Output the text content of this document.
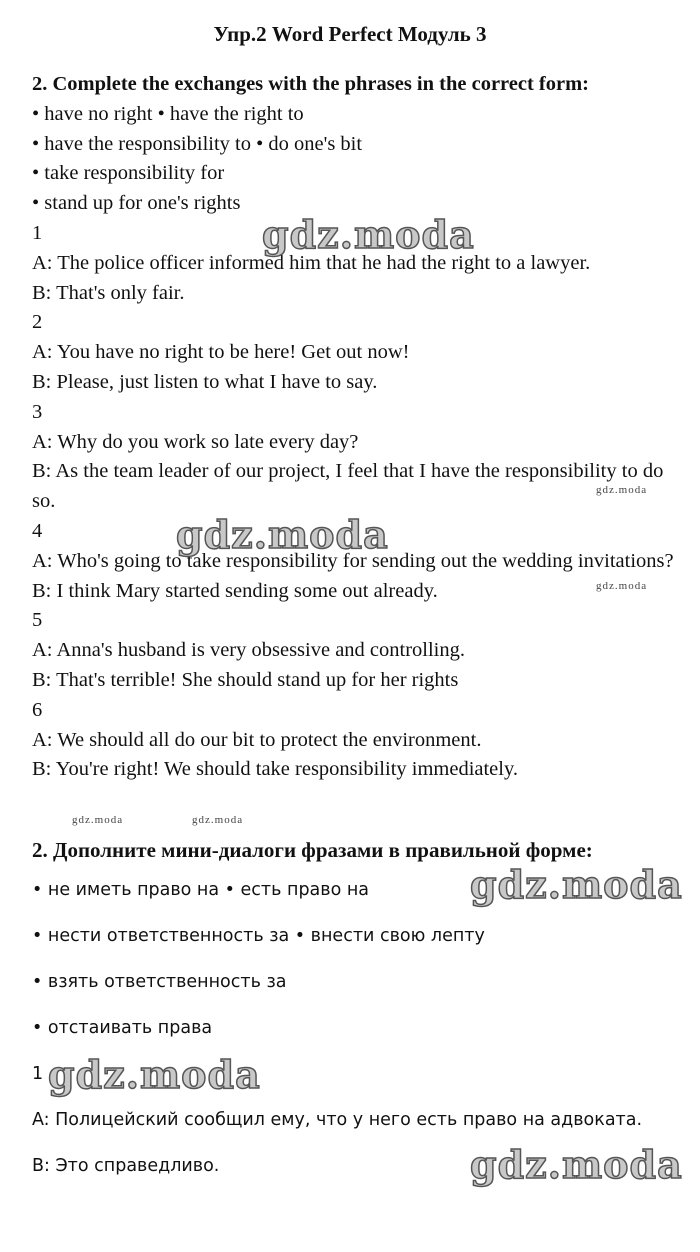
Упр.2 Word Perfect Модуль 3
2. Complete the exchanges with the phrases in the correct form:
• have no right • have the right to
• have the responsibility to • do one's bit
• take responsibility for
• stand up for one's rights
1
A: The police officer informed him that he had the right to a lawyer.
B: That's only fair.
2
A: You have no right to be here! Get out now!
B: Please, just listen to what I have to say.
3
A: Why do you work so late every day?
B: As the team leader of our project, I feel that I have the responsibility to do so.
4
A: Who's going to take responsibility for sending out the wedding invitations?
B: I think Mary started sending some out already.
5
A: Anna's husband is very obsessive and controlling.
B: That's terrible! She should stand up for her rights
6
A: We should all do our bit to protect the environment.
B: You're right! We should take responsibility immediately.
2. Дополните мини-диалоги фразами в правильной форме:
• не иметь право на • есть право на
• нести ответственность за • внести свою лепту
• взять ответственность за
• отстаивать права
1
A: Полицейский сообщил ему, что у него есть право на адвоката.
B: Это справедливо.
gdz.moda
gdz.moda
gdz.moda
gdz.moda
gdz.moda
gdz.moda
gdz.moda
gdz.moda	gdz.moda
